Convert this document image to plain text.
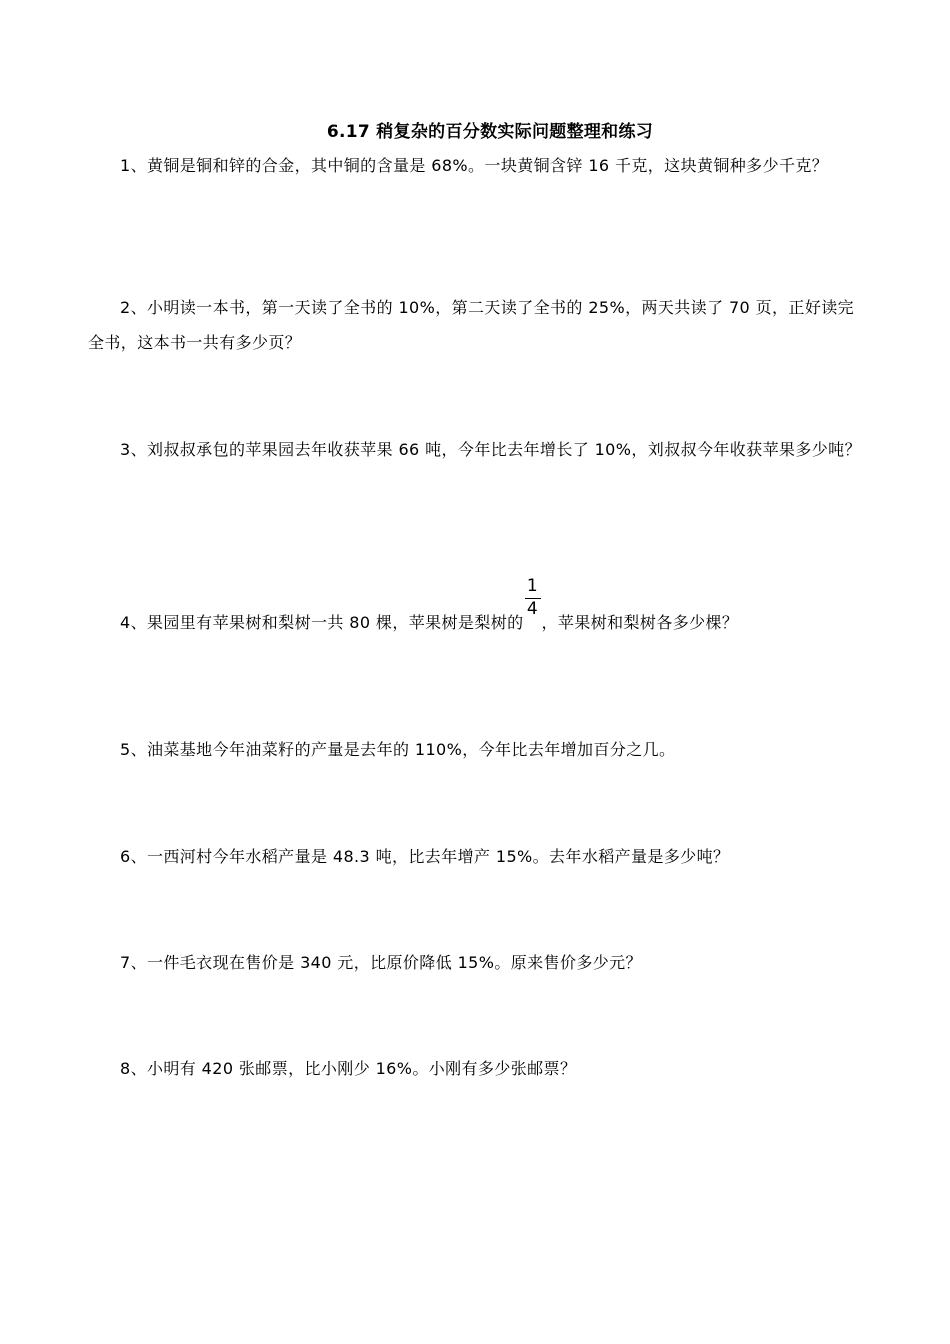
6.17 稍复杂的百分数实际问题整理和练习

1、黄铜是铜和锌的合金，其中铜的含量是 68%。一块黄铜含锌 16 千克，这块黄铜种多少千克？

2、小明读一本书，第一天读了全书的 10%，第二天读了全书的 25%，两天共读了 70 页，正好读完全书，这本书一共有多少页？

3、刘叔叔承包的苹果园去年收获苹果 66 吨，今年比去年增长了 10%，刘叔叔今年收获苹果多少吨？

4、果园里有苹果树和梨树一共 80 棵，苹果树是梨树的 $\frac{1}{4}$ ，苹果树和梨树各多少棵？

5、油菜基地今年油菜籽的产量是去年的 110%，今年比去年增加百分之几。

6、一西河村今年水稻产量是 48.3 吨，比去年增产 15%。去年水稻产量是多少吨？

7、一件毛衣现在售价是 340 元，比原价降低 15%。原来售价多少元？

8、小明有 420 张邮票，比小刚少 16%。小刚有多少张邮票？
